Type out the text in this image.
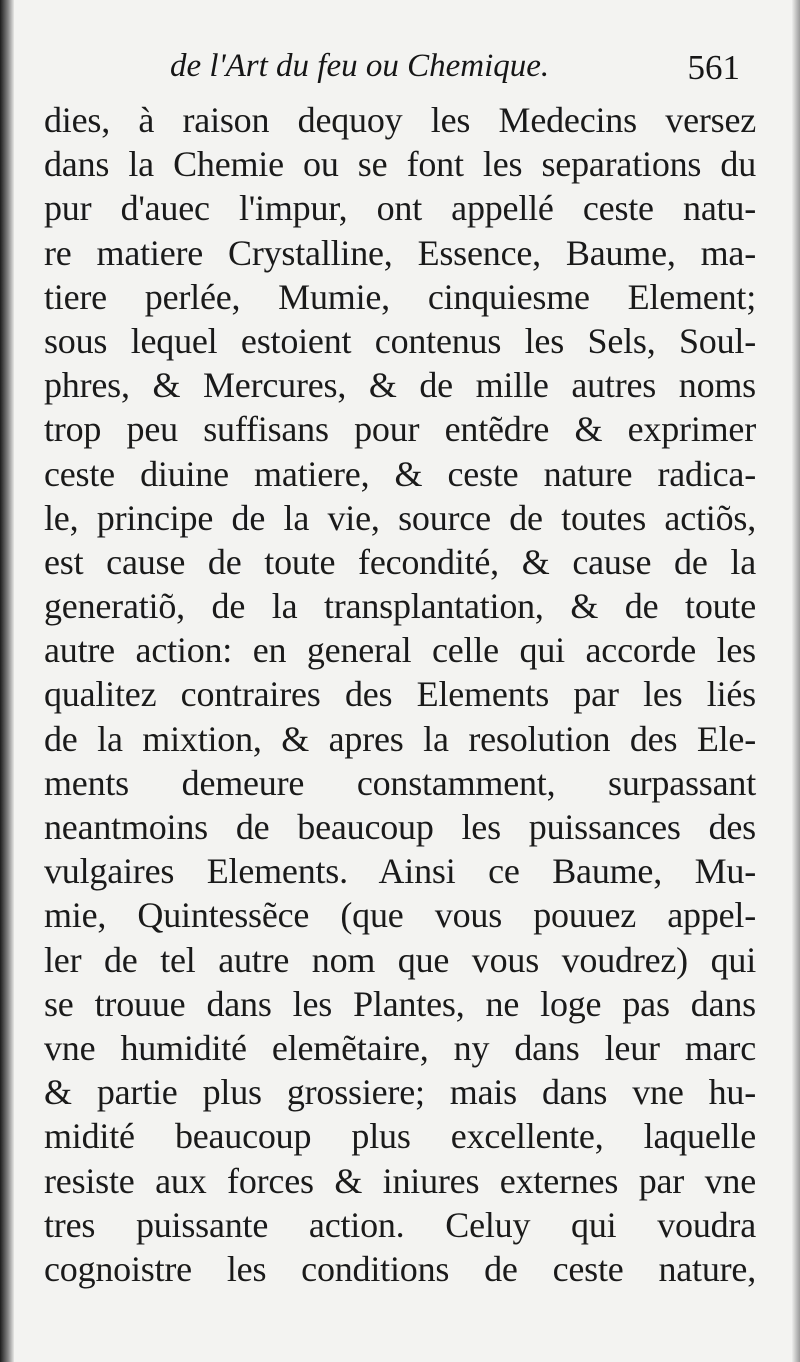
de l'Art du feu ou Chemique.	561
dies, à raison dequoy les Medecins versez
dans la Chemie ou se font les separations du
pur d'auec l'impur, ont appellé ceste natu-
re matiere Crystalline, Essence, Baume, ma-
tiere perlée, Mumie, cinquiesme Element;
sous lequel estoient contenus les Sels, Soul-
phres, & Mercures, & de mille autres noms
trop peu suffisans pour entẽdre & exprimer
ceste diuine matiere, & ceste nature radica-
le, principe de la vie, source de toutes actiõs,
est cause de toute fecondité, & cause de la
generatiõ, de la transplantation, & de toute
autre action: en general celle qui accorde les
qualitez contraires des Elements par les liés
de la mixtion, & apres la resolution des Ele-
ments demeure constamment, surpassant
neantmoins de beaucoup les puissances des
vulgaires Elements. Ainsi ce Baume, Mu-
mie, Quintessẽce (que vous pouuez appel-
ler de tel autre nom que vous voudrez) qui
se trouue dans les Plantes, ne loge pas dans
vne humidité elemẽtaire, ny dans leur marc
& partie plus grossiere; mais dans vne hu-
midité beaucoup plus excellente, laquelle
resiste aux forces & iniures externes par vne
tres puissante action. Celuy qui voudra
cognoistre les conditions de ceste nature,
